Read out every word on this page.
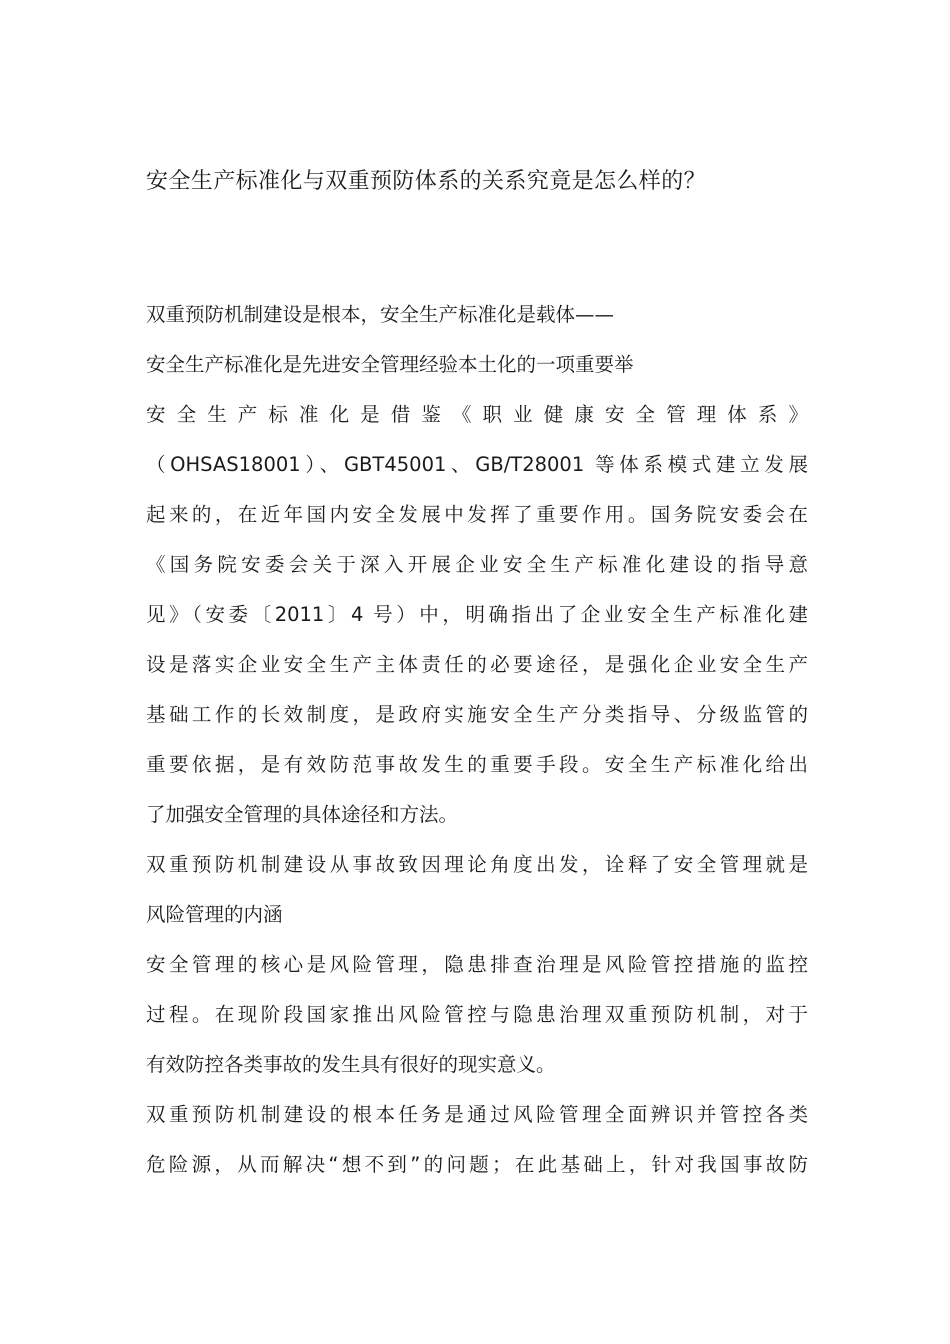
安全生产标准化与双重预防体系的关系究竟是怎么样的？
双重预防机制建设是根本，安全生产标准化是载体——
安全生产标准化是先进安全管理经验本土化的一项重要举
安 全 生 产 标 准 化 是 借 鉴 《 职 业 健 康 安 全 管 理 体 系 》
（OHSAS18001）、GBT45001、GB/T28001 等体系模式建立发展
起来的，在近年国内安全发展中发挥了重要作用。国务院安委会在
《国务院安委会关于深入开展企业安全生产标准化建设的指导意
见》（安委〔2011〕4 号）中，明确指出了企业安全生产标准化建
设是落实企业安全生产主体责任的必要途径，是强化企业安全生产
基础工作的长效制度，是政府实施安全生产分类指导、分级监管的
重要依据，是有效防范事故发生的重要手段。安全生产标准化给出
了加强安全管理的具体途径和方法。
双重预防机制建设从事故致因理论角度出发，诠释了安全管理就是
风险管理的内涵
安全管理的核心是风险管理，隐患排查治理是风险管控措施的监控
过程。在现阶段国家推出风险管控与隐患治理双重预防机制，对于
有效防控各类事故的发生具有很好的现实意义。
双重预防机制建设的根本任务是通过风险管理全面辨识并管控各类
危险源，从而解决“想不到”的问题；在此基础上，针对我国事故防
